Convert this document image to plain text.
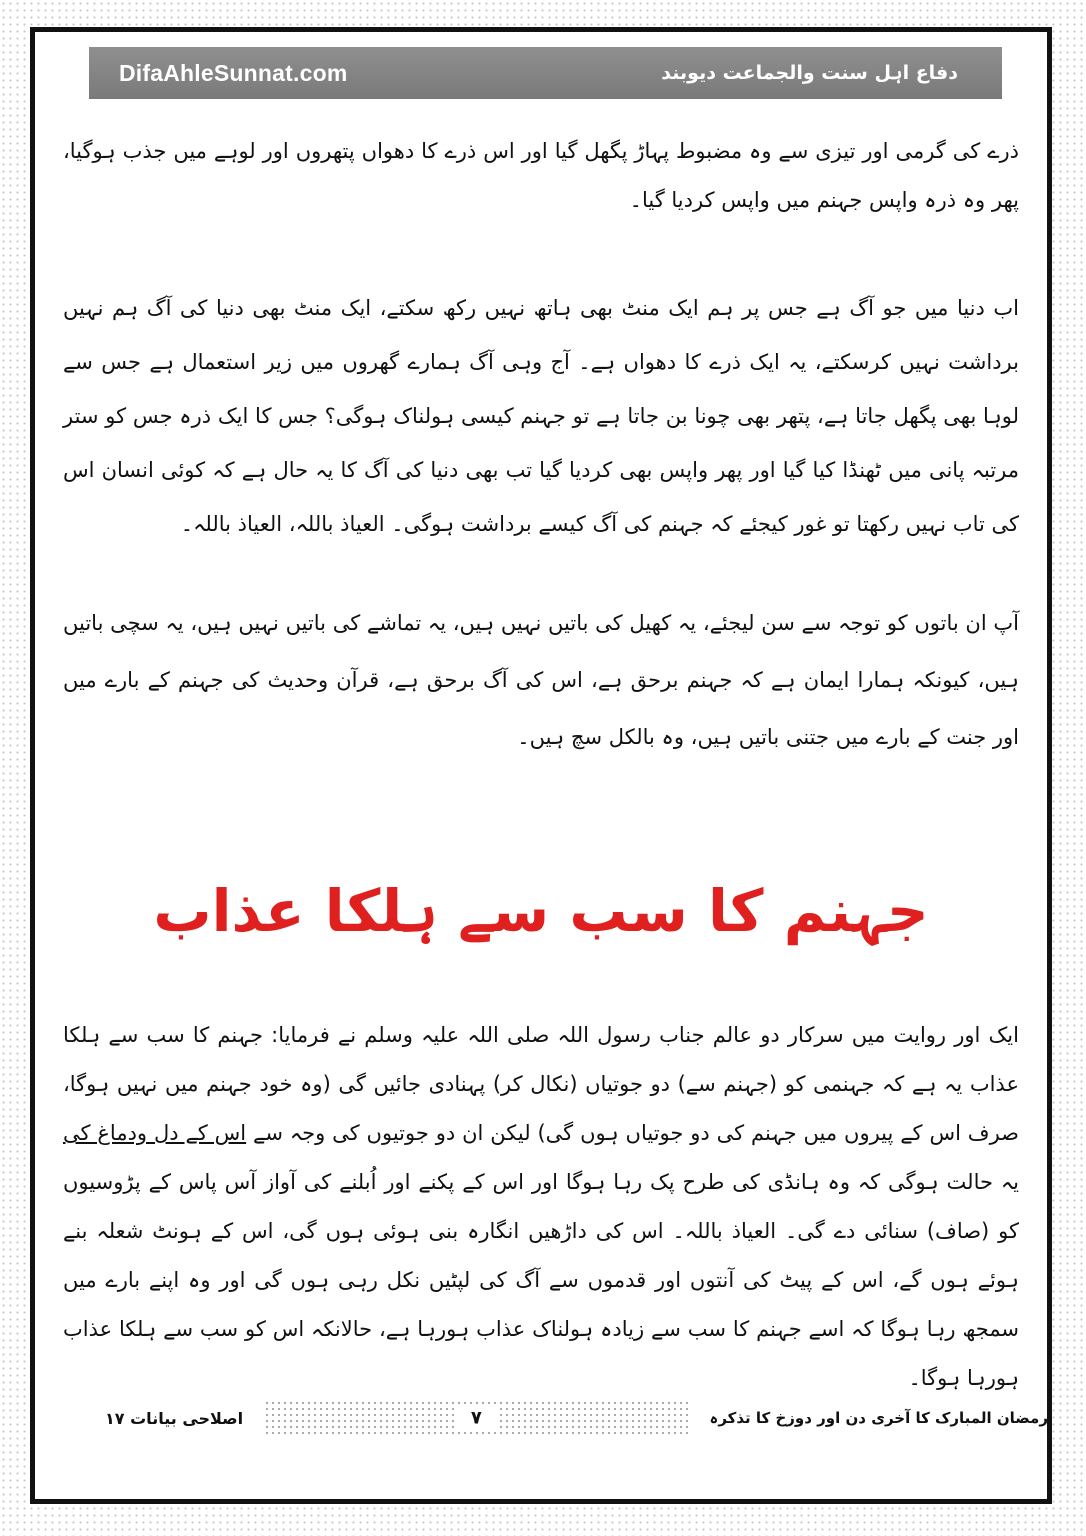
DifaAhleSunnat.com	دفاع اہل سنت والجماعت دیوبند

ذرے کی گرمی اور تیزی سے وہ مضبوط پہاڑ پگھل گیا اور اس ذرے کا دھواں پتھروں اور لوہے میں جذب ہوگیا، پھر وہ ذرہ واپس جہنم میں واپس کردیا گیا۔

اب دنیا میں جو آگ ہے جس پر ہم ایک منٹ بھی ہاتھ نہیں رکھ سکتے، ایک منٹ بھی دنیا کی آگ ہم نہیں برداشت نہیں کرسکتے، یہ ایک ذرے کا دھواں ہے۔ آج وہی آگ ہمارے گھروں میں زیر استعمال ہے جس سے لوہا بھی پگھل جاتا ہے، پتھر بھی چونا بن جاتا ہے تو جہنم کیسی ہولناک ہوگی؟ جس کا ایک ذرہ جس کو ستر مرتبہ پانی میں ٹھنڈا کیا گیا اور پھر واپس بھی کردیا گیا تب بھی دنیا کی آگ کا یہ حال ہے کہ کوئی انسان اس کی تاب نہیں رکھتا تو غور کیجئے کہ جہنم کی آگ کیسے برداشت ہوگی۔ العیاذ باللہ، العیاذ باللہ۔

آپ ان باتوں کو توجہ سے سن لیجئے، یہ کھیل کی باتیں نہیں ہیں، یہ تماشے کی باتیں نہیں ہیں، یہ سچی باتیں ہیں، کیونکہ ہمارا ایمان ہے کہ جہنم برحق ہے، اس کی آگ برحق ہے، قرآن وحدیث کی جہنم کے بارے میں اور جنت کے بارے میں جتنی باتیں ہیں، وہ بالکل سچ ہیں۔

جہنم کا سب سے ہلکا عذاب

ایک اور روایت میں سرکار دو عالم جناب رسول اللہ صلی اللہ علیہ وسلم نے فرمایا: جہنم کا سب سے ہلکا عذاب یہ ہے کہ جہنمی کو (جہنم سے) دو جوتیاں (نکال کر) پہنادی جائیں گی (وہ خود جہنم میں نہیں ہوگا، صرف اس کے پیروں میں جہنم کی دو جوتیاں ہوں گی) لیکن ان دو جوتیوں کی وجہ سے اس کے دل ودماغ کی یہ حالت ہوگی کہ وہ ہانڈی کی طرح پک رہا ہوگا اور اس کے پکنے اور اُبلنے کی آواز آس پاس کے پڑوسیوں کو (صاف) سنائی دے گی۔ العیاذ باللہ۔ اس کی داڑھیں انگارہ بنی ہوئی ہوں گی، اس کے ہونٹ شعلہ بنے ہوئے ہوں گے، اس کے پیٹ کی آنتوں اور قدموں سے آگ کی لپٹیں نکل رہی ہوں گی اور وہ اپنے بارے میں سمجھ رہا ہوگا کہ اسے جہنم کا سب سے زیادہ ہولناک عذاب ہورہا ہے، حالانکہ اس کو سب سے ہلکا عذاب ہورہا ہوگا۔

اصلاحی بیانات ۱۷	۷	رمضان المبارک کا آخری دن اور دوزخ کا تذکرہ
